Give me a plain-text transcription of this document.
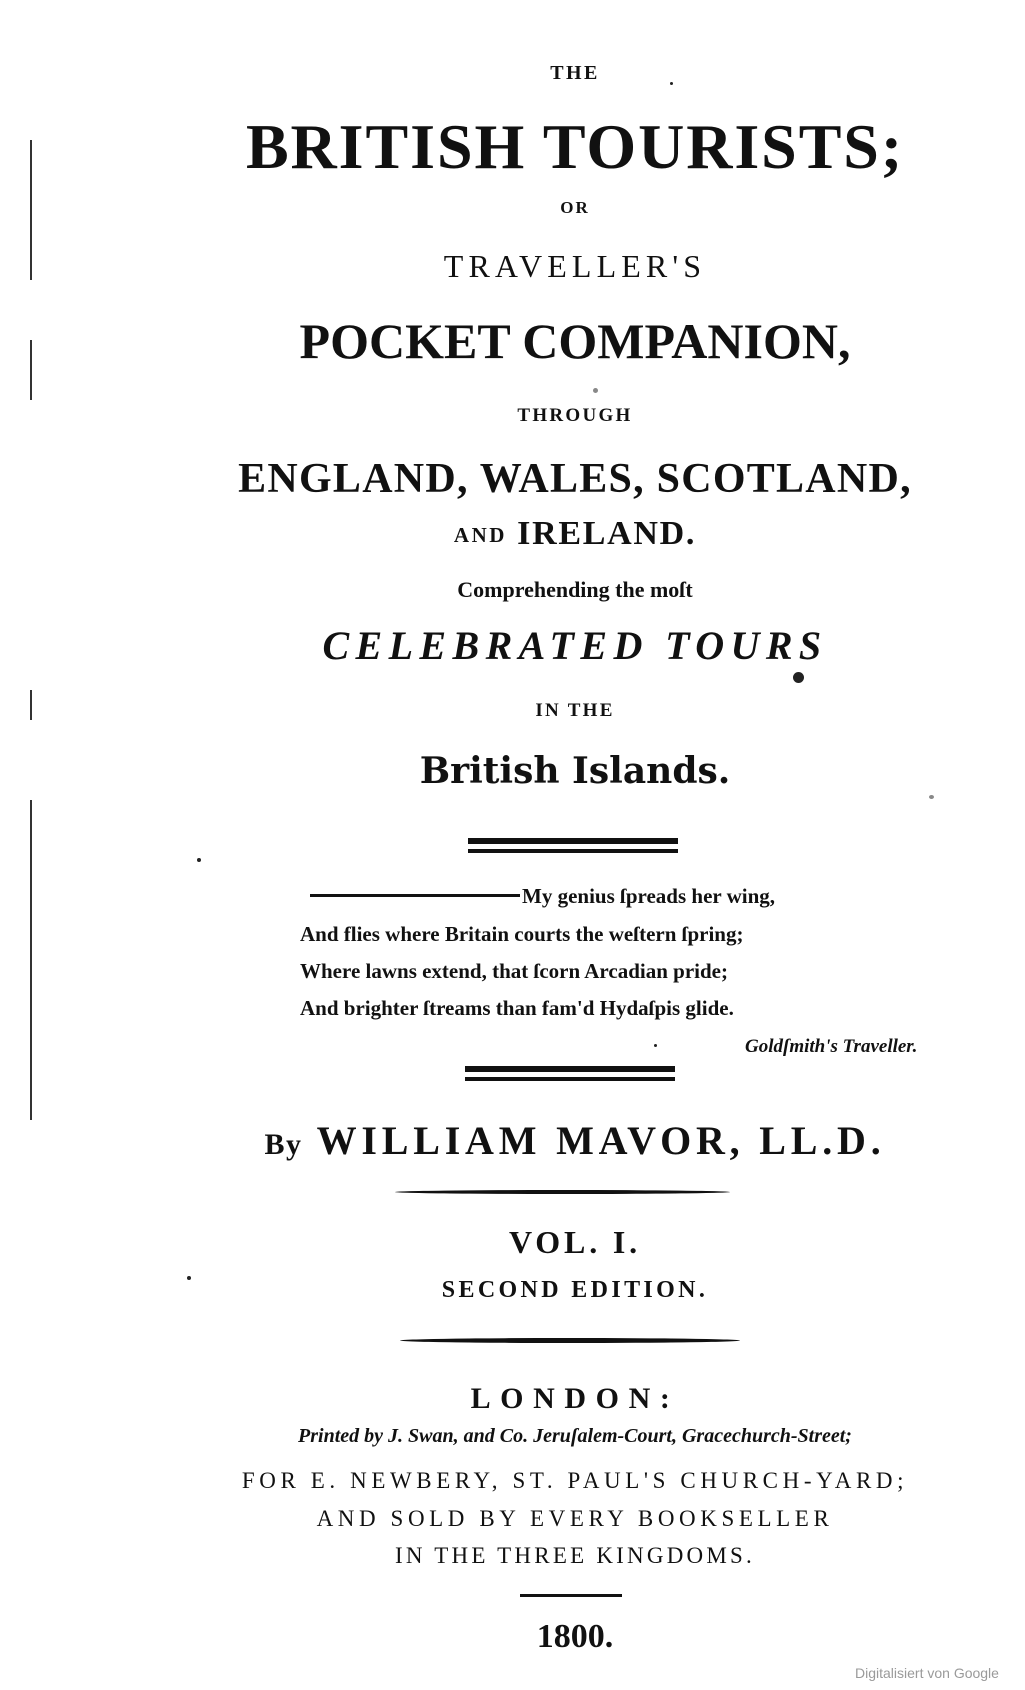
THE
BRITISH TOURISTS;
OR
TRAVELLER'S
POCKET COMPANION,
THROUGH
ENGLAND, WALES, SCOTLAND,
AND IRELAND.
Comprehending the moſt
CELEBRATED TOURS
IN THE
British Islands.
My genius ſpreads her wing,
And flies where Britain courts the weſtern ſpring;
Where lawns extend, that ſcorn Arcadian pride;
And brighter ſtreams than fam'd Hydaſpis glide.
Goldſmith's Traveller.
By WILLIAM MAVOR, LL.D.
VOL. I.
SECOND EDITION.
LONDON:
Printed by J. Swan, and Co. Jeruſalem-Court, Gracechurch-Street;
FOR E. NEWBERY, ST. PAUL'S CHURCH-YARD;
AND SOLD BY EVERY BOOKSELLER
IN THE THREE KINGDOMS.
1800.
Digitalisiert von Google
